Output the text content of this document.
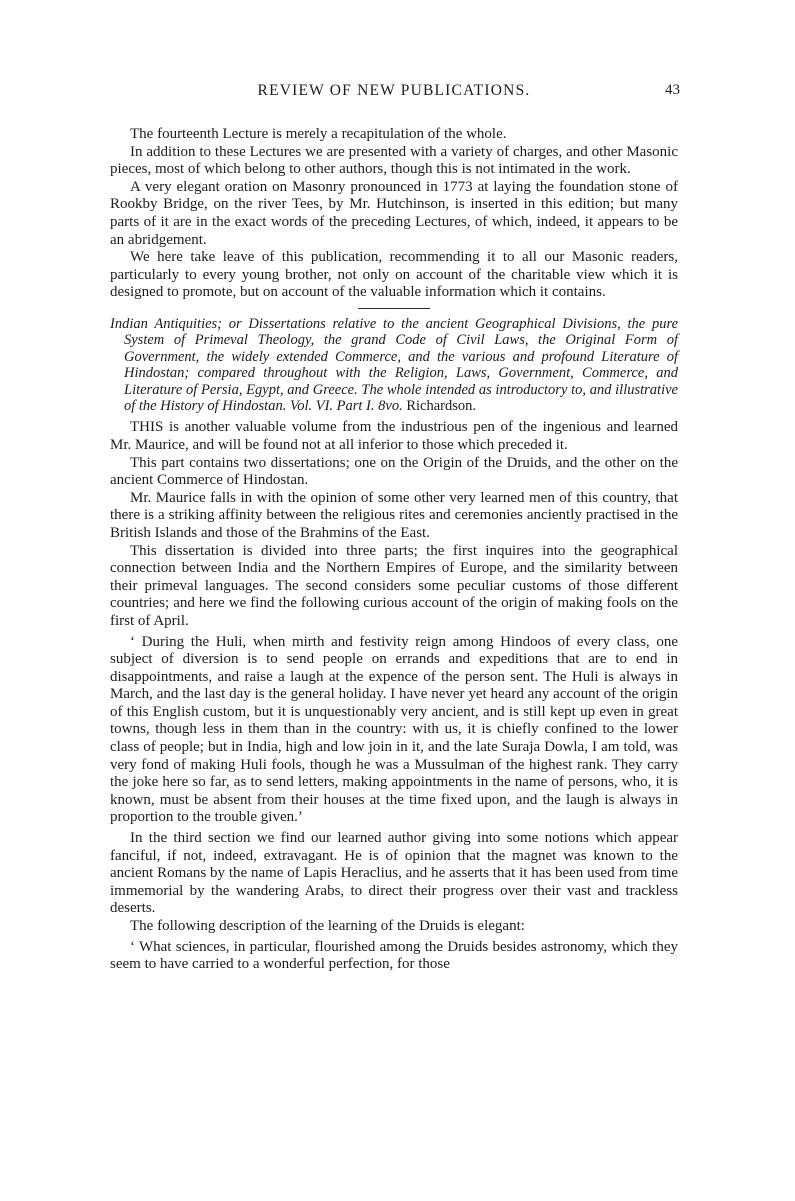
REVIEW OF NEW PUBLICATIONS.	43

The fourteenth Lecture is merely a recapitulation of the whole.

In addition to these Lectures we are presented with a variety of charges, and other Masonic pieces, most of which belong to other authors, though this is not intimated in the work.

A very elegant oration on Masonry pronounced in 1773 at laying the foundation stone of Rookby Bridge, on the river Tees, by Mr. Hutchinson, is inserted in this edition; but many parts of it are in the exact words of the preceding Lectures, of which, indeed, it appears to be an abridgement.

We here take leave of this publication, recommending it to all our Masonic readers, particularly to every young brother, not only on account of the charitable view which it is designed to promote, but on account of the valuable information which it contains.

Indian Antiquities; or Dissertations relative to the ancient Geographical Divisions, the pure System of Primeval Theology, the grand Code of Civil Laws, the Original Form of Government, the widely extended Commerce, and the various and profound Literature of Hindostan; compared throughout with the Religion, Laws, Government, Commerce, and Literature of Persia, Egypt, and Greece. The whole intended as introductory to, and illustrative of the History of Hindostan. Vol. VI. Part I. 8vo. Richardson.

THIS is another valuable volume from the industrious pen of the ingenious and learned Mr. Maurice, and will be found not at all inferior to those which preceded it.

This part contains two dissertations; one on the Origin of the Druids, and the other on the ancient Commerce of Hindostan.

Mr. Maurice falls in with the opinion of some other very learned men of this country, that there is a striking affinity between the religious rites and ceremonies anciently practised in the British Islands and those of the Brahmins of the East.

This dissertation is divided into three parts; the first inquires into the geographical connection between India and the Northern Empires of Europe, and the similarity between their primeval languages. The second considers some peculiar customs of those different countries; and here we find the following curious account of the origin of making fools on the first of April.

‘ During the Huli, when mirth and festivity reign among Hindoos of every class, one subject of diversion is to send people on errands and expeditions that are to end in disappointments, and raise a laugh at the expence of the person sent. The Huli is always in March, and the last day is the general holiday. I have never yet heard any account of the origin of this English custom, but it is unquestionably very ancient, and is still kept up even in great towns, though less in them than in the country: with us, it is chiefly confined to the lower class of people; but in India, high and low join in it, and the late Suraja Dowla, I am told, was very fond of making Huli fools, though he was a Mussulman of the highest rank. They carry the joke here so far, as to send letters, making appointments in the name of persons, who, it is known, must be absent from their houses at the time fixed upon, and the laugh is always in proportion to the trouble given.’

In the third section we find our learned author giving into some notions which appear fanciful, if not, indeed, extravagant. He is of opinion that the magnet was known to the ancient Romans by the name of Lapis Heraclius, and he asserts that it has been used from time immemorial by the wandering Arabs, to direct their progress over their vast and trackless deserts.

The following description of the learning of the Druids is elegant:

‘ What sciences, in particular, flourished among the Druids besides astronomy, which they seem to have carried to a wonderful perfection, for those
